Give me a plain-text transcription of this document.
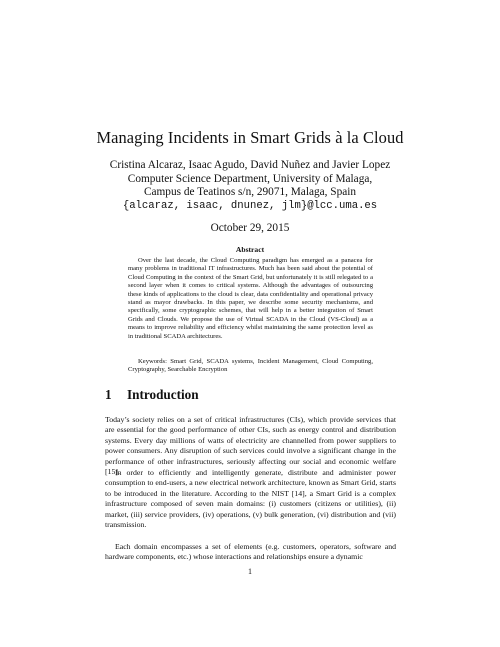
Managing Incidents in Smart Grids à la Cloud
Cristina Alcaraz, Isaac Agudo, David Nuñez and Javier Lopez
Computer Science Department, University of Malaga,
Campus de Teatinos s/n, 29071, Malaga, Spain
{alcaraz, isaac, dnunez, jlm}@lcc.uma.es
October 29, 2015
Abstract

Over the last decade, the Cloud Computing paradigm has emerged as a panacea for many problems in traditional IT infrastructures. Much has been said about the potential of Cloud Computing in the context of the Smart Grid, but unfortunately it is still relegated to a second layer when it comes to critical systems. Although the advantages of outsourcing these kinds of applications to the cloud is clear, data confidentiality and operational privacy stand as mayor drawbacks. In this paper, we describe some security mechanisms, and specifically, some cryptographic schemes, that will help in a better integration of Smart Grids and Clouds. We propose the use of Virtual SCADA in the Cloud (VS-Cloud) as a means to improve reliability and efficiency whilst maintaining the same protection level as in traditional SCADA architectures.

Keywords: Smart Grid, SCADA systems, Incident Management, Cloud Computing, Cryptography, Searchable Encryption

1 Introduction

Today’s society relies on a set of critical infrastructures (CIs), which provide services that are essential for the good performance of other CIs, such as energy control and distribution systems. Every day millions of watts of electricity are channelled from power suppliers to power consumers. Any disruption of such services could involve a significant change in the performance of other infrastructures, seriously affecting our social and economic welfare [15].

In order to efficiently and intelligently generate, distribute and administer power consumption to end-users, a new electrical network architecture, known as Smart Grid, starts to be introduced in the literature. According to the NIST [14], a Smart Grid is a complex infrastructure composed of seven main domains: (i) customers (citizens or utilities), (ii) market, (iii) service providers, (iv) operations, (v) bulk generation, (vi) distribution and (vii) transmission.

Each domain encompasses a set of elements (e.g. customers, operators, software and hardware components, etc.) whose interactions and relationships ensure a dynamic

1
